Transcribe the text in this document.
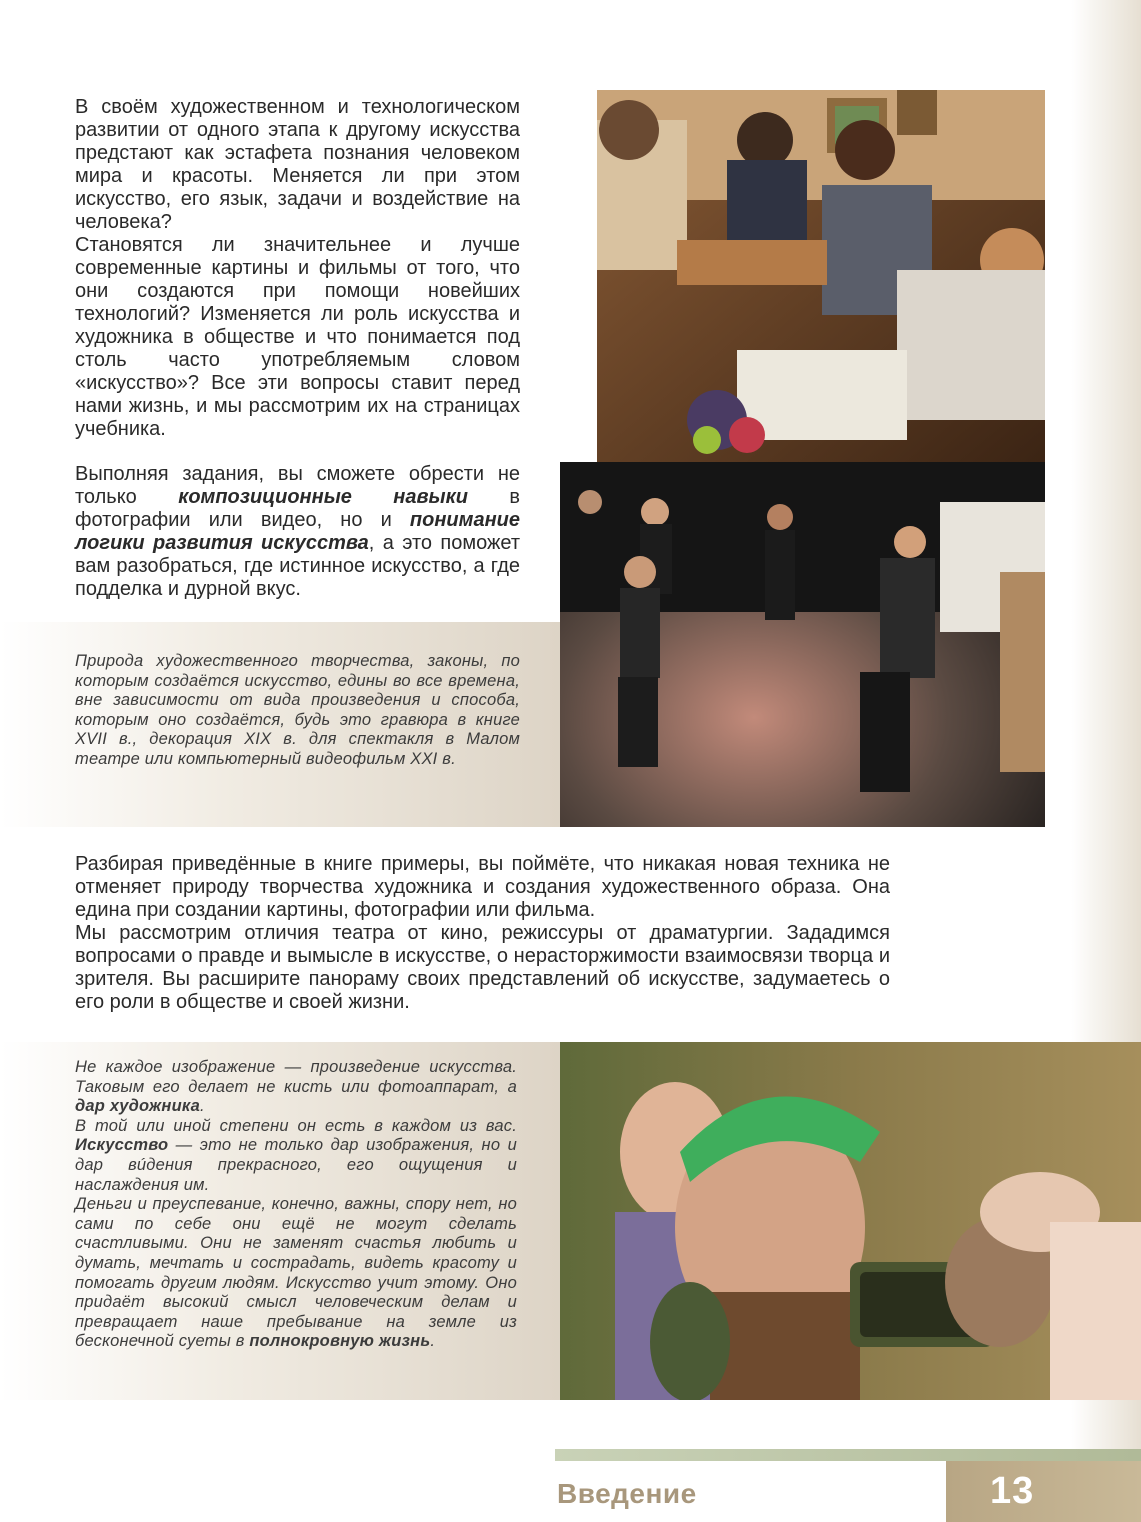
В своём художественном и технологическом развитии от одного этапа к другому искусства предстают как эстафета познания человеком мира и красоты. Меняется ли при этом искусство, его язык, задачи и воздействие на человека?

Становятся ли значительнее и лучше современные картины и фильмы от того, что они создаются при помощи новейших технологий? Изменяется ли роль искусства и художника в обществе и что понимается под столь часто употребляемым словом «искусство»? Все эти вопросы ставит перед нами жизнь, и мы рассмотрим их на страницах учебника.

Выполняя задания, вы сможете обрести не только композиционные навыки в фотографии или видео, но и понимание логики развития искусства, а это поможет вам разобраться, где истинное искусство, а где подделка и дурной вкус.

Природа художественного творчества, законы, по которым создаётся искусство, едины во все времена, вне зависимости от вида произведения и способа, которым оно создаётся, будь это гравюра в книге XVII в., декорация XIX в. для спектакля в Малом театре или компьютерный видеофильм XXI в.

Разбирая приведённые в книге примеры, вы поймёте, что никакая новая техника не отменяет природу творчества художника и создания художественного образа. Она едина при создании картины, фотографии или фильма.

Мы рассмотрим отличия театра от кино, режиссуры от драматургии. Зададимся вопросами о правде и вымысле в искусстве, о нерасторжимости взаимосвязи творца и зрителя. Вы расширите панораму своих представлений об искусстве, задумаетесь о его роли в обществе и своей жизни.

Не каждое изображение — произведение искусства. Таковым его делает не кисть или фотоаппарат, а дар художника.
В той или иной степени он есть в каждом из вас. Искусство — это не только дар изображения, но и дар вúдения прекрасного, его ощущения и наслаждения им.
Деньги и преуспевание, конечно, важны, спору нет, но сами по себе они ещё не могут сделать счастливыми. Они не заменят счастья любить и думать, мечтать и сострадать, видеть красоту и помогать другим людям. Искусство учит этому. Оно придаёт высокий смысл человеческим делам и превращает наше пребывание на земле из бесконечной суеты в полнокровную жизнь.

Введение	13
